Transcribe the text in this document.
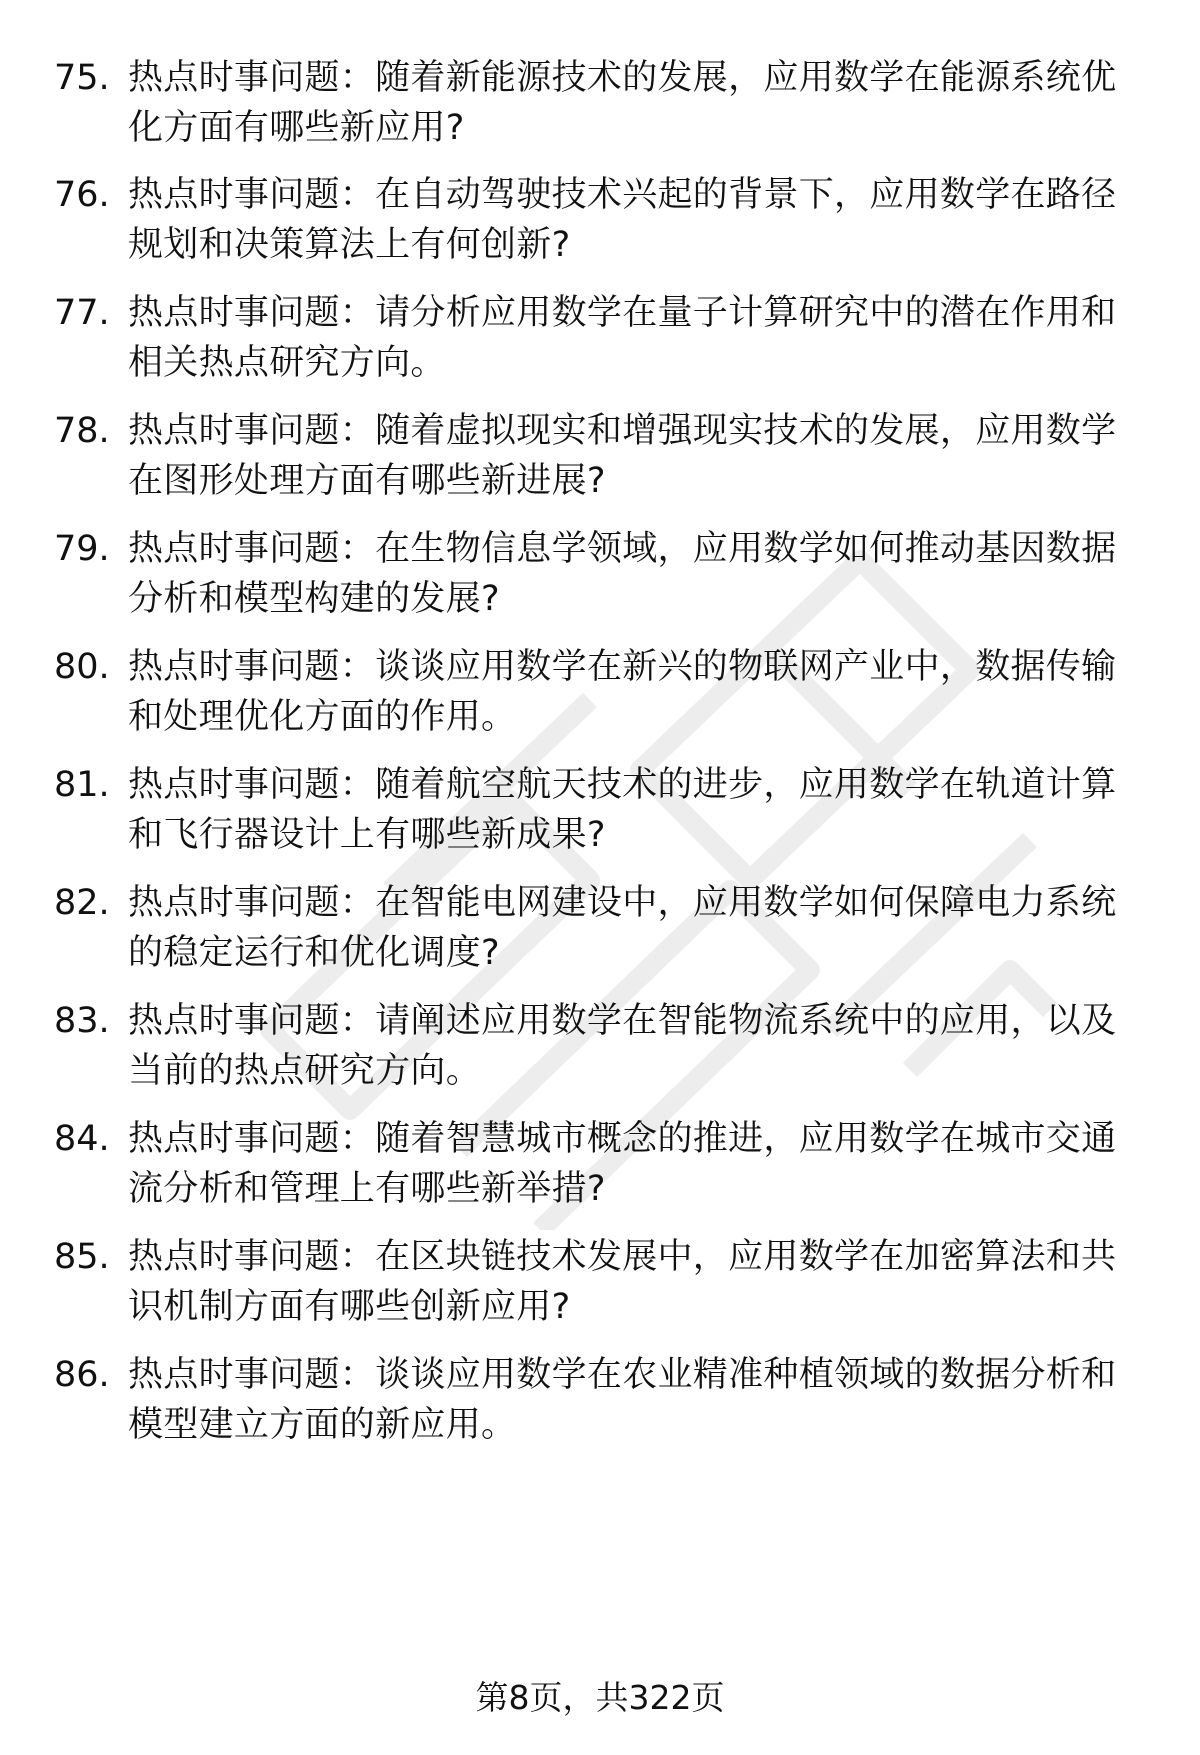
75. 热点时事问题：随着新能源技术的发展，应用数学在能源系统优化方面有哪些新应用?
76. 热点时事问题：在自动驾驶技术兴起的背景下，应用数学在路径规划和决策算法上有何创新?
77. 热点时事问题：请分析应用数学在量子计算研究中的潜在作用和相关热点研究方向。
78. 热点时事问题：随着虚拟现实和增强现实技术的发展，应用数学在图形处理方面有哪些新进展?
79. 热点时事问题：在生物信息学领域，应用数学如何推动基因数据分析和模型构建的发展?
80. 热点时事问题：谈谈应用数学在新兴的物联网产业中，数据传输和处理优化方面的作用。
81. 热点时事问题：随着航空航天技术的进步，应用数学在轨道计算和飞行器设计上有哪些新成果?
82. 热点时事问题：在智能电网建设中，应用数学如何保障电力系统的稳定运行和优化调度?
83. 热点时事问题：请阐述应用数学在智能物流系统中的应用，以及当前的热点研究方向。
84. 热点时事问题：随着智慧城市概念的推进，应用数学在城市交通流分析和管理上有哪些新举措?
85. 热点时事问题：在区块链技术发展中，应用数学在加密算法和共识机制方面有哪些创新应用?
86. 热点时事问题：谈谈应用数学在农业精准种植领域的数据分析和模型建立方面的新应用。
第8页，共322页
